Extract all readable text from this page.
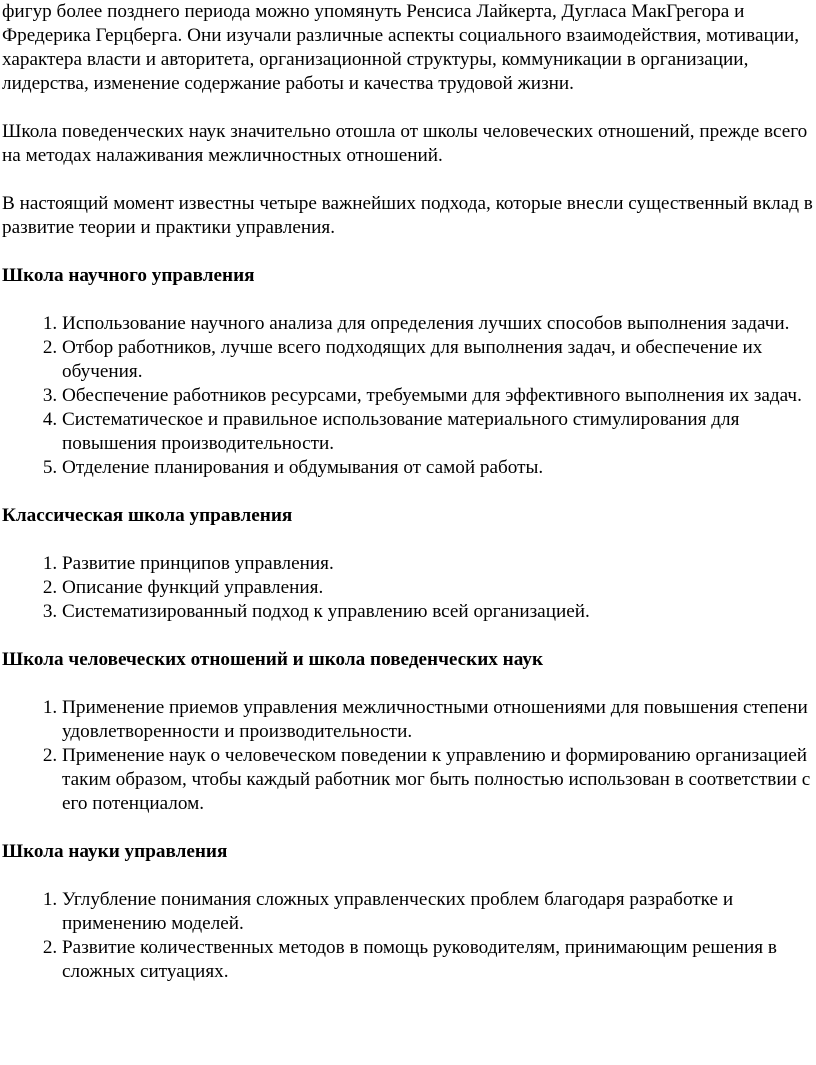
фигур более позднего периода можно упомянуть Ренсиса Лайкерта, Дугласа МакГрегора и Фредерика Герцберга. Они изучали различные аспекты социального взаимодействия, мотивации, характера власти и авторитета, организационной структуры, коммуникации в организации, лидерства, изменение содержание работы и качества трудовой жизни.

Школа поведенческих наук значительно отошла от школы человеческих отношений, прежде всего на методах налаживания межличностных отношений.

В настоящий момент известны четыре важнейших подхода, которые внесли существенный вклад в развитие теории и практики управления.

Школа научного управления
1. Использование научного анализа для определения лучших способов выполнения задачи.
2. Отбор работников, лучше всего подходящих для выполнения задач, и обеспечение их обучения.
3. Обеспечение работников ресурсами, требуемыми для эффективного выполнения их задач.
4. Систематическое и правильное использование материального стимулирования для повышения производительности.
5. Отделение планирования и обдумывания от самой работы.
Классическая школа управления
1. Развитие принципов управления.
2. Описание функций управления.
3. Систематизированный подход к управлению всей организацией.
Школа человеческих отношений и школа поведенческих наук
1. Применение приемов управления межличностными отношениями для повышения степени удовлетворенности и производительности.
2. Применение наук о человеческом поведении к управлению и формированию организацией таким образом, чтобы каждый работник мог быть полностью использован в соответствии с его потенциалом.
Школа науки управления
1. Углубление понимания сложных управленческих проблем благодаря разработке и применению моделей.
2. Развитие количественных методов в помощь руководителям, принимающим решения в сложных ситуациях.
